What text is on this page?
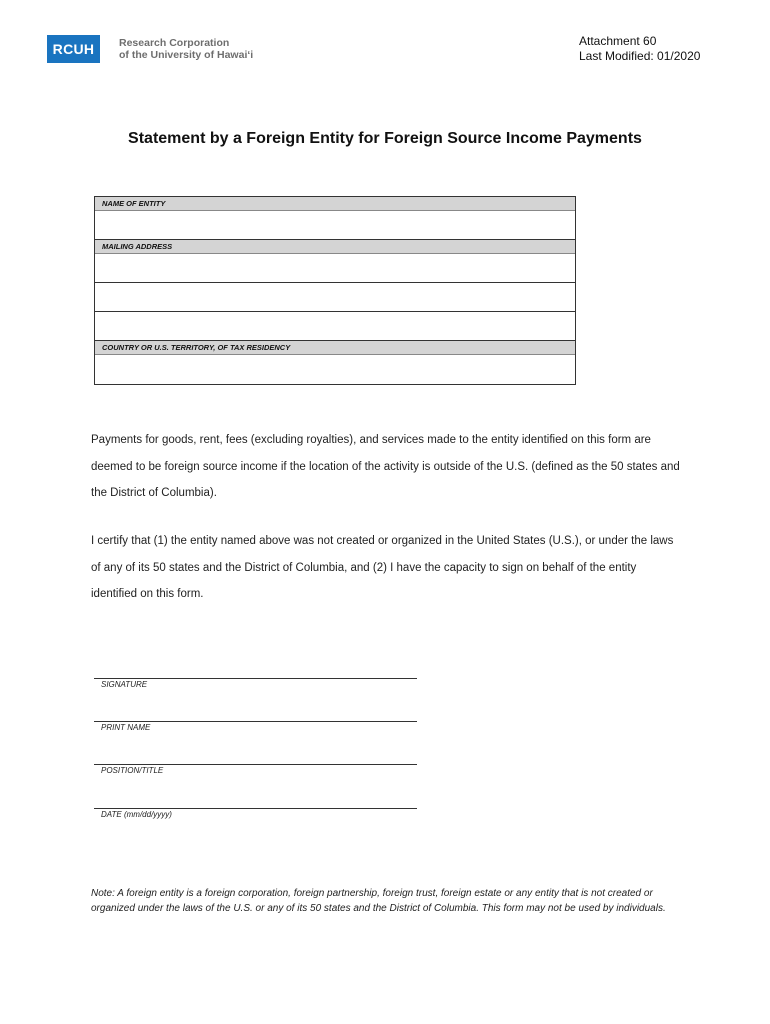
RCUH	Research Corporation
of the University of Hawaiʻi
Attachment 60
Last Modified: 01/2020
Statement by a Foreign Entity for Foreign Source Income Payments
NAME OF ENTITY
MAILING ADDRESS
COUNTRY OR U.S. TERRITORY, OF TAX RESIDENCY

Payments for goods, rent, fees (excluding royalties), and services made to the entity identified on this form are deemed to be foreign source income if the location of the activity is outside of the U.S. (defined as the 50 states and the District of Columbia).

I certify that (1) the entity named above was not created or organized in the United States (U.S.), or under the laws of any of its 50 states and the District of Columbia, and (2) I have the capacity to sign on behalf of the entity identified on this form.

SIGNATURE
PRINT NAME
POSITION/TITLE
DATE (mm/dd/yyyy)

Note: A foreign entity is a foreign corporation, foreign partnership, foreign trust, foreign estate or any entity that is not created or organized under the laws of the U.S. or any of its 50 states and the District of Columbia. This form may not be used by individuals.
